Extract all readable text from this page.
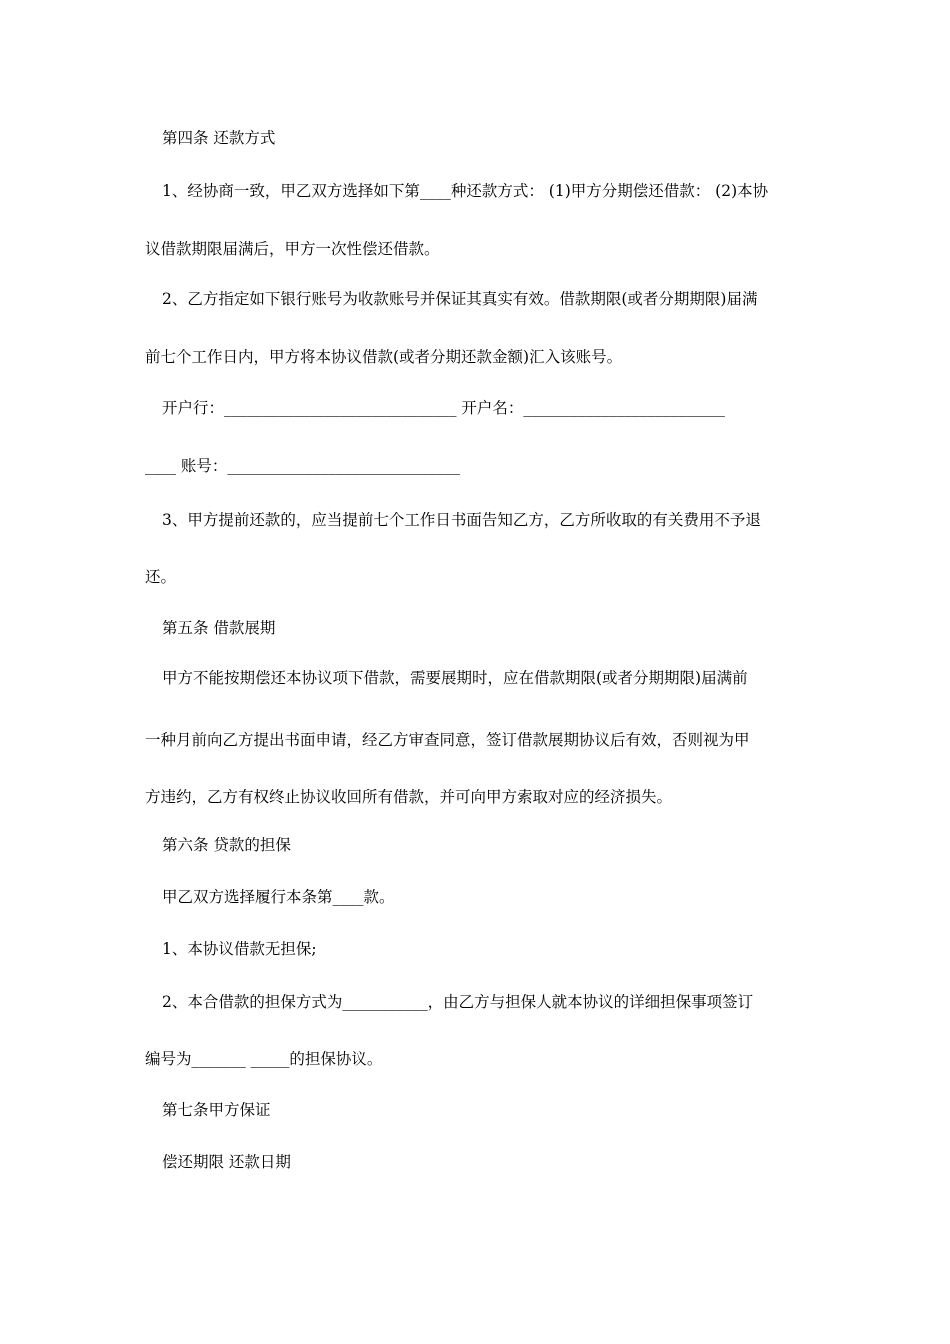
第四条 还款方式
1、经协商一致，甲乙双方选择如下第____种还款方式： (1)甲方分期偿还借款： (2)本协
议借款期限届满后，甲方一次性偿还借款。
2、乙方指定如下银行账号为收款账号并保证其真实有效。借款期限(或者分期期限)届满
前七个工作日内，甲方将本协议借款(或者分期还款金额)汇入该账号。
开户行：______________________________ 开户名：__________________________
____ 账号：______________________________
3、甲方提前还款的，应当提前七个工作日书面告知乙方，乙方所收取的有关费用不予退
还。
第五条 借款展期
甲方不能按期偿还本协议项下借款，需要展期时，应在借款期限(或者分期期限)届满前
一种月前向乙方提出书面申请，经乙方审查同意，签订借款展期协议后有效，否则视为甲
方违约，乙方有权终止协议收回所有借款，并可向甲方索取对应的经济损失。
第六条 贷款的担保
甲乙双方选择履行本条第____款。
1、本协议借款无担保;
2、本合借款的担保方式为___________，由乙方与担保人就本协议的详细担保事项签订
编号为_______ _____的担保协议。
第七条甲方保证
偿还期限 还款日期
